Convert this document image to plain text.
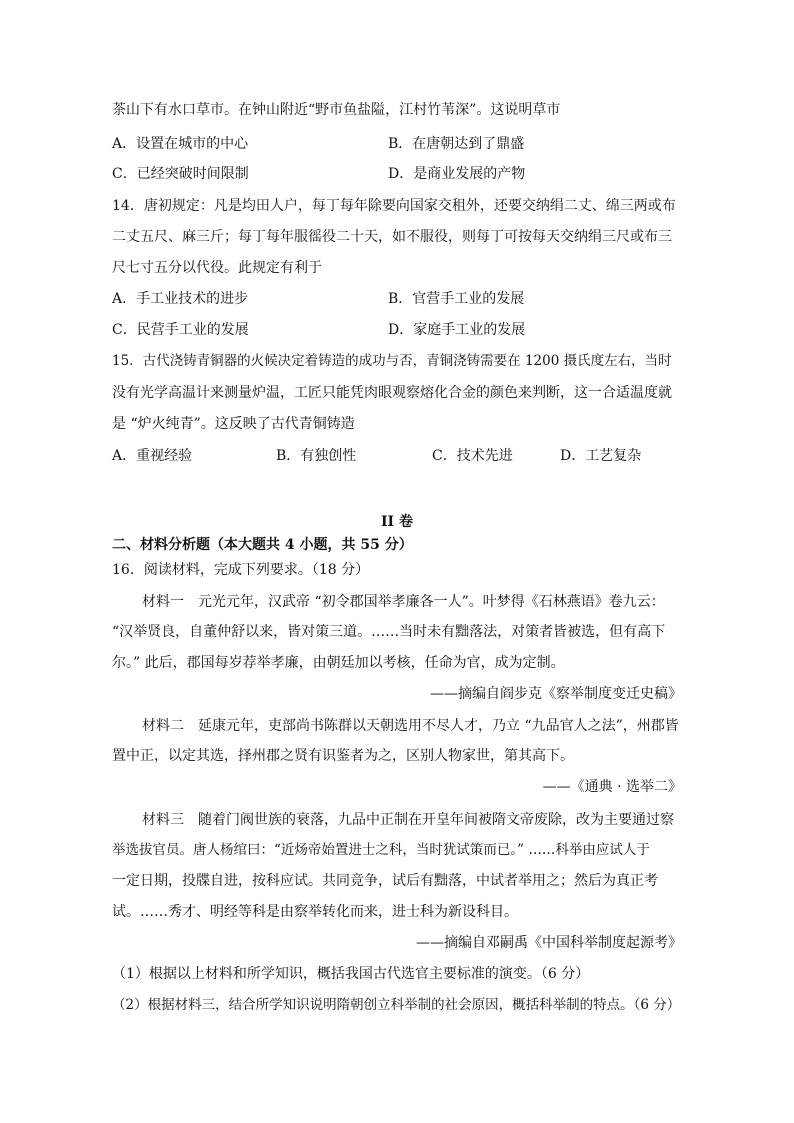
茶山下有水口草市。在钟山附近“野市鱼盐隘，江村竹苇深”。这说明草市
A．设置在城市的中心	B．在唐朝达到了鼎盛
C．已经突破时间限制	D．是商业发展的产物
14．唐初规定：凡是均田人户，每丁每年除要向国家交租外，还要交纳绢二丈、绵三两或布
二丈五尺、麻三斤；每丁每年服徭役二十天，如不服役，则每丁可按每天交纳绢三尺或布三
尺七寸五分以代役。此规定有利于
A．手工业技术的进步	B．官营手工业的发展
C．民营手工业的发展	D．家庭手工业的发展
15．古代浇铸青铜器的火候决定着铸造的成功与否，青铜浇铸需要在 1200 摄氏度左右，当时
没有光学高温计来测量炉温，工匠只能凭肉眼观察熔化合金的颜色来判断，这一合适温度就
是 “炉火纯青”。这反映了古代青铜铸造
A．重视经验	B．有独创性	C．技术先进	D．工艺复杂
II 卷
二、材料分析题（本大题共 4 小题，共 55 分）
16．阅读材料，完成下列要求。（18 分）
材料一　元光元年，汉武帝 “初令郡国举孝廉各一人”。叶梦得《石林燕语》卷九云：
“汉举贤良，自董仲舒以来，皆对策三道。……当时未有黜落法，对策者皆被选，但有高下
尔。” 此后，郡国每岁荐举孝廉，由朝廷加以考核，任命为官，成为定制。
——摘编自阎步克《察举制度变迁史稿》
材料二　延康元年，吏部尚书陈群以天朝选用不尽人才，乃立 “九品官人之法”，州郡皆
置中正，以定其选，择州郡之贤有识鉴者为之，区别人物家世，第其高下。
——《通典 · 选举二》
材料三　随着门阀世族的衰落，九品中正制在开皇年间被隋文帝废除，改为主要通过察
举选拔官员。唐人杨绾曰：“近炀帝始置进士之科，当时犹试策而已。” ……科举由应试人于
一定日期，投牒自进，按科应试。共同竞争，试后有黜落，中试者举用之；然后为真正考
试。……秀才、明经等科是由察举转化而来，进士科为新设科目。
——摘编自邓嗣禹《中国科举制度起源考》
（1）根据以上材料和所学知识，概括我国古代选官主要标准的演变。（6 分）
（2）根据材料三，结合所学知识说明隋朝创立科举制的社会原因，概括科举制的特点。（6 分）
